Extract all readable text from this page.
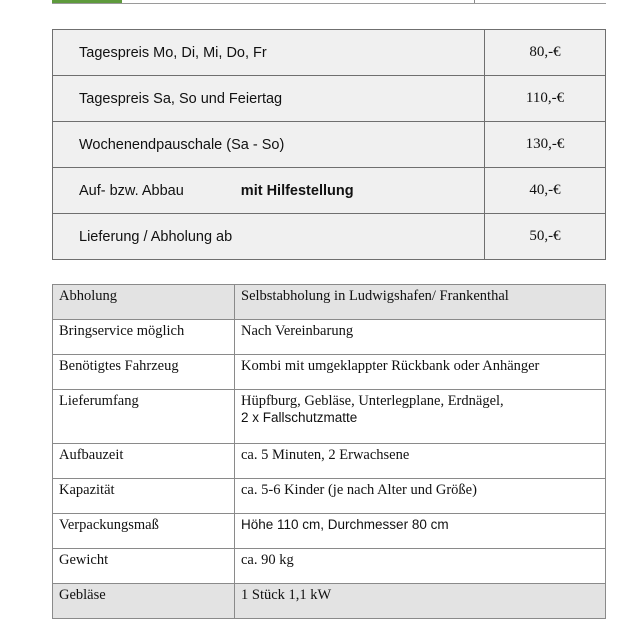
Tagespreis Mo, Di, Mi, Do, Fr	80,-€
Tagespreis Sa, So und Feiertag	110,-€
Wochenendpauschale (Sa - So)	130,-€

Auf- bzw. Abbau mit Hilfestellung	40,-€
Lieferung / Abholung ab	50,-€
Abholung	Selbstabholung in Ludwigshafen/ Frankenthal
Bringservice möglich	Nach Vereinbarung
Benötigtes Fahrzeug	Kombi mit umgeklappter Rückbank oder Anhänger
Lieferumfang	Hüpfburg, Gebläse, Unterlegplane, Erdnägel,
2 x Fallschutzmatte

Aufbauzeit	ca. 5 Minuten, 2 Erwachsene
Kapazität	ca. 5-6 Kinder (je nach Alter und Größe)
Verpackungsmaß	Höhe 110 cm, Durchmesser 80 cm
Gewicht	ca. 90 kg
Gebläse	1 Stück 1,1 kW
